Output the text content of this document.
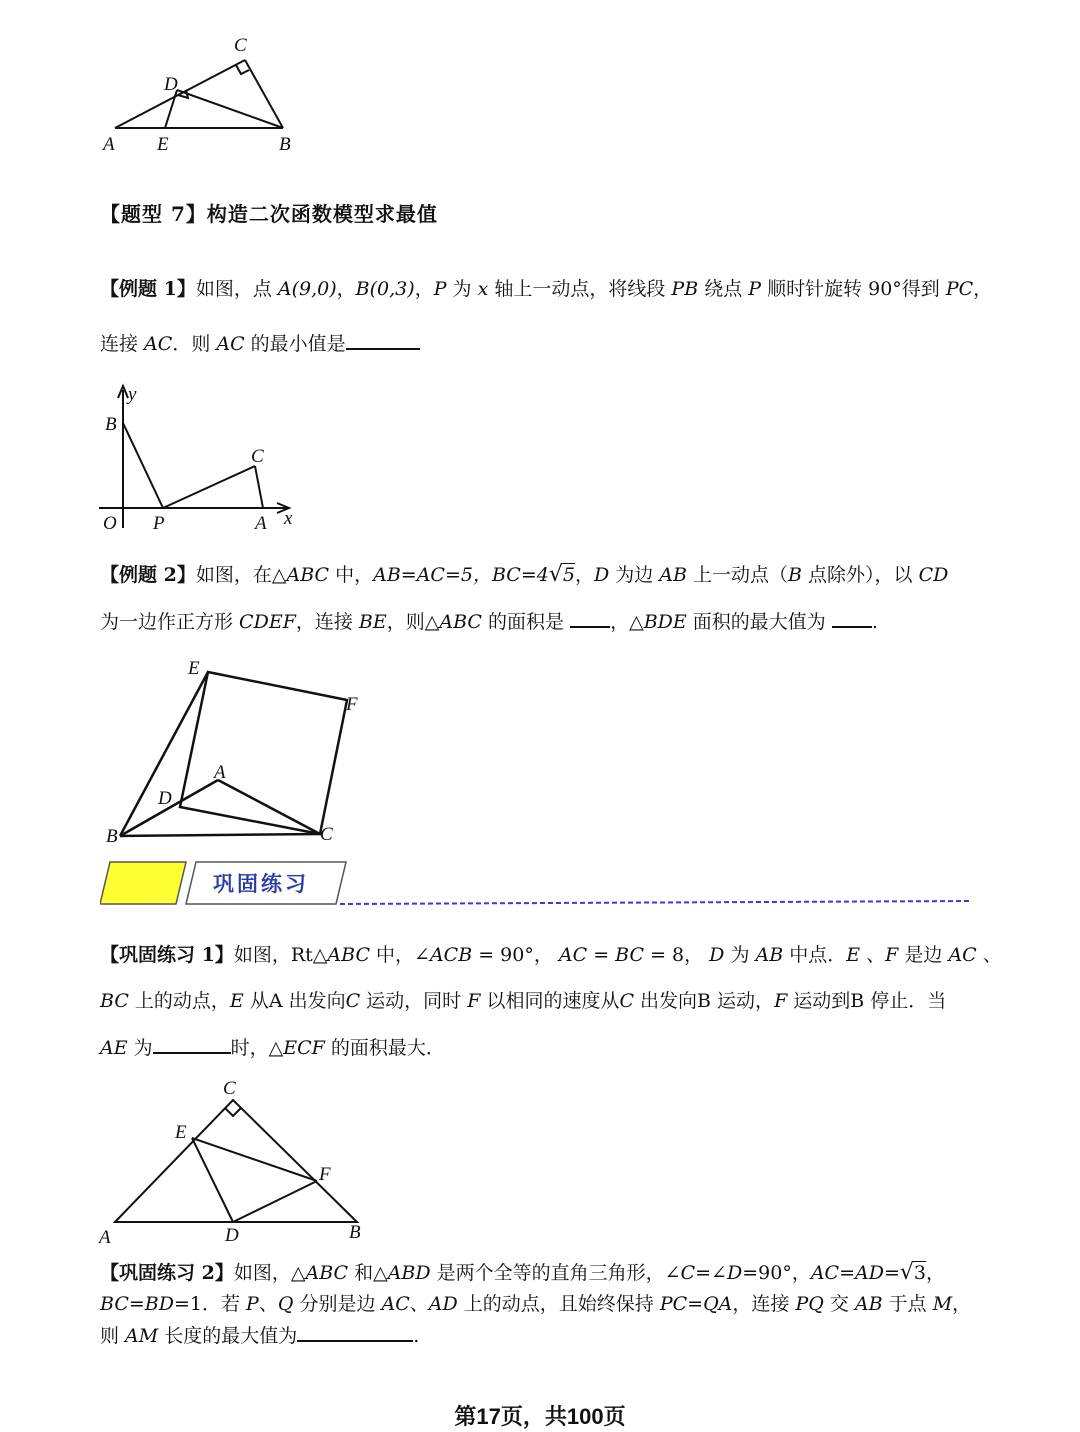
C
D
A E	B
【题型 7】构造二次函数模型求最值
【例题 1】如图，点 A(9,0)，B(0,3)，P 为 x 轴上一动点，将线段 PB 绕点 P 顺时针旋转 90°得到 PC，
连接 AC．则 AC 的最小值是
y
B
C
O P	A x
【例题 2】如图，在△ABC 中，AB=AC=5，BC=4√5，D 为边 AB 上一动点（B 点除外），以 CD
为一边作正方形 CDEF，连接 BE，则△ABC 的面积是 ，△BDE 面积的最大值为 .
E
F
A
D
B	C
巩固练习
【巩固练习 1】如图，Rt△ABC 中，∠ACB = 90°， AC = BC = 8， D 为 AB 中点．E 、F 是边 AC 、
BC 上的动点，E 从A 出发向C 运动，同时 F 以相同的速度从C 出发向B 运动，F 运动到B 停止．当
AE 为	时，△ECF 的面积最大．
C
E
F
A	D	B
【巩固练习 2】如图，△ABC 和△ABD 是两个全等的直角三角形，∠C=∠D=90°，AC=AD=√3，
BC=BD=1．若 P、Q 分别是边 AC、AD 上的动点，且始终保持 PC=QA，连接 PQ 交 AB 于点 M，
则 AM 长度的最大值为	.
第17页，共100页
